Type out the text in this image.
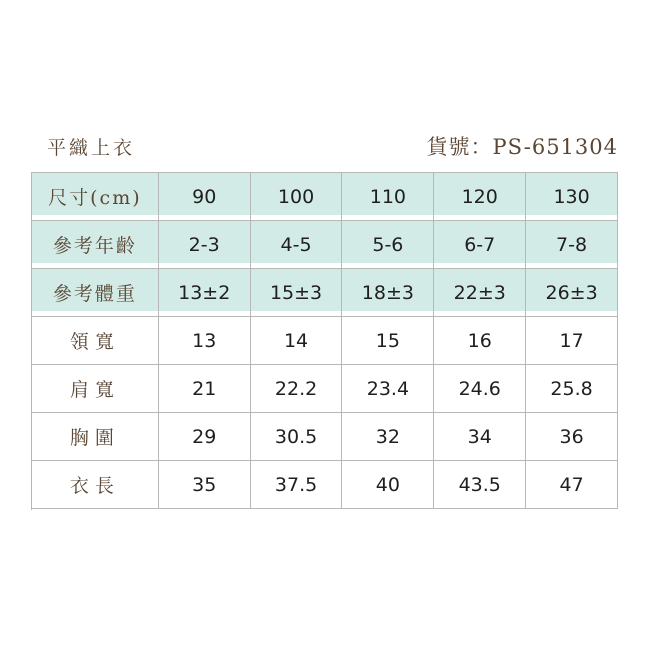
平織上衣	貨號：PS-651304
尺寸(cm)	90	100	110	120	130
參考年齡	2-3	4-5	5-6	6-7	7-8
參考體重 13±2 15±3 18±3 22±3 26±3
領寬	13	14	15	16	17
肩寬	21	22.2	23.4	24.6	25.8
胸圍	29	30.5	32	34	36
衣長	35	37.5	40	43.5	47
